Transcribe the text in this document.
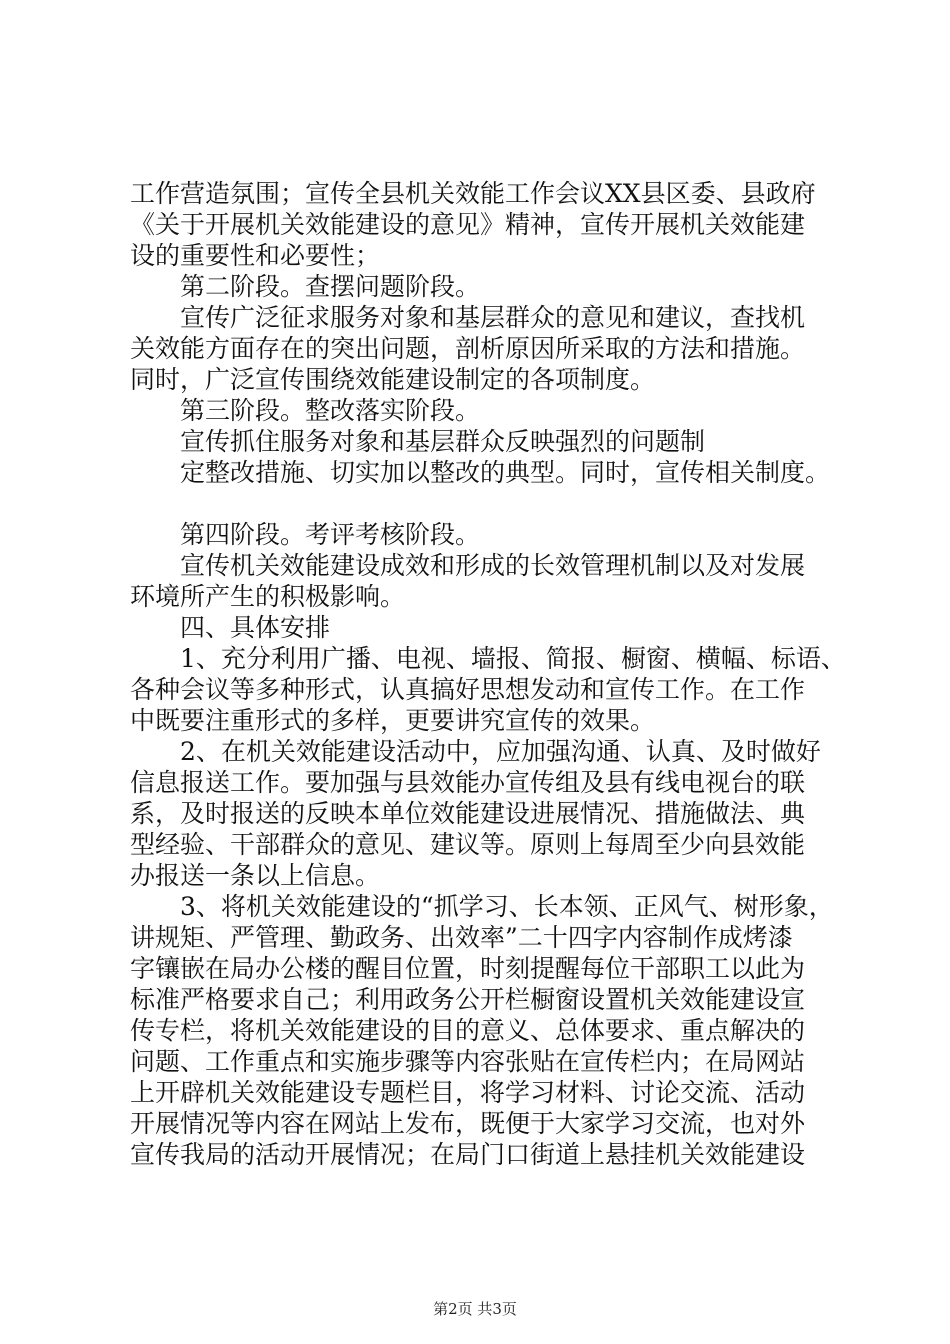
工作营造氛围；宣传全县机关效能工作会议XX县区委、县政府
《关于开展机关效能建设的意见》精神，宣传开展机关效能建
设的重要性和必要性；
　　第二阶段。查摆问题阶段。
　　宣传广泛征求服务对象和基层群众的意见和建议，查找机
关效能方面存在的突出问题，剖析原因所采取的方法和措施。
同时，广泛宣传围绕效能建设制定的各项制度。
　　第三阶段。整改落实阶段。
　　宣传抓住服务对象和基层群众反映强烈的问题制
　　定整改措施、切实加以整改的典型。同时，宣传相关制度。
　　第四阶段。考评考核阶段。
　　宣传机关效能建设成效和形成的长效管理机制以及对发展
环境所产生的积极影响。
　　四、具体安排
　　1、充分利用广播、电视、墙报、简报、橱窗、横幅、标语、
各种会议等多种形式，认真搞好思想发动和宣传工作。在工作
中既要注重形式的多样，更要讲究宣传的效果。
　　2、在机关效能建设活动中，应加强沟通、认真、及时做好
信息报送工作。要加强与县效能办宣传组及县有线电视台的联
系，及时报送的反映本单位效能建设进展情况、措施做法、典
型经验、干部群众的意见、建议等。原则上每周至少向县效能
办报送一条以上信息。
　　3、将机关效能建设的“抓学习、长本领、正风气、树形象，
讲规矩、严管理、勤政务、出效率”二十四字内容制作成烤漆
字镶嵌在局办公楼的醒目位置，时刻提醒每位干部职工以此为
标准严格要求自己；利用政务公开栏橱窗设置机关效能建设宣
传专栏，将机关效能建设的目的意义、总体要求、重点解决的
问题、工作重点和实施步骤等内容张贴在宣传栏内；在局网站
上开辟机关效能建设专题栏目，将学习材料、讨论交流、活动
开展情况等内容在网站上发布，既便于大家学习交流，也对外
宣传我局的活动开展情况；在局门口街道上悬挂机关效能建设
第2页 共3页
